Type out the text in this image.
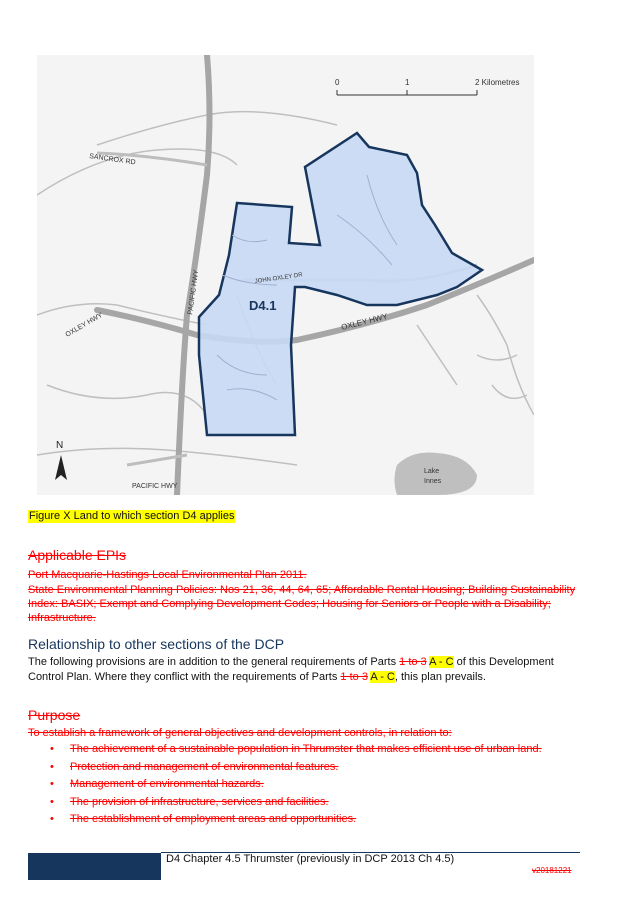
0	1	2 Kilometres
SANCROX RD
PACIFIC HWY
PACIFIC HWY
OXLEY HWY	OXLEY HWY
JOHN OXLEY DR
Lake
Innes
D4.1
N
Figure X Land to which section D4 applies
Applicable EPIs
Port Macquarie-Hastings Local Environmental Plan 2011.
State Environmental Planning Policies: Nos 21, 36, 44, 64, 65; Affordable Rental Housing; Building Sustainability Index: BASIX; Exempt and Complying Development Codes; Housing for Seniors or People with a Disability; Infrastructure.
Relationship to other sections of the DCP
The following provisions are in addition to the general requirements of Parts 1 to 3 A - C of this Development Control Plan. Where they conflict with the requirements of Parts 1 to 3 A - C, this plan prevails.
Purpose
To establish a framework of general objectives and development controls, in relation to:
• The achievement of a sustainable population in Thrumster that makes efficient use of urban land.
• Protection and management of environmental features.
• Management of environmental hazards.
• The provision of infrastructure, services and facilities.
• The establishment of employment areas and opportunities.
D4 Chapter 4.5 Thrumster (previously in DCP 2013 Ch 4.5)
v20181221
